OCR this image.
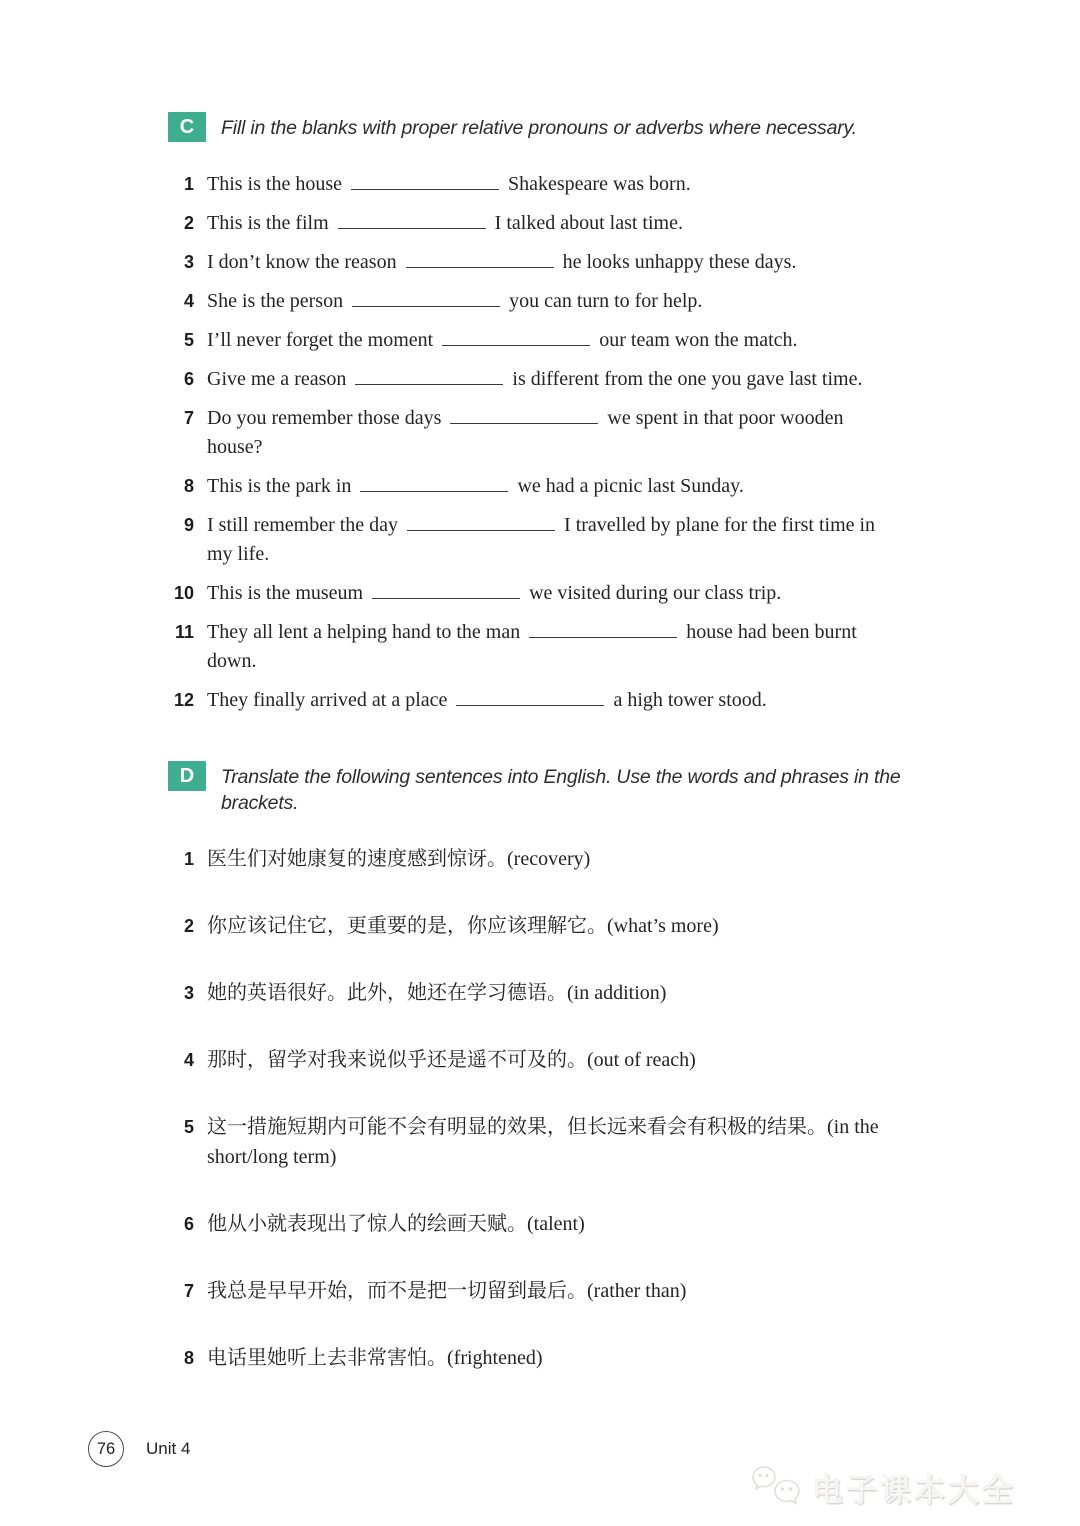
C	Fill in the blanks with proper relative pronouns or adverbs where necessary.
1 This is the house	Shakespeare was born.
2 This is the film	I talked about last time.
3 I don’t know the reason	he looks unhappy these days.
4 She is the person	you can turn to for help.
5 I’ll never forget the moment	our team won the match.
6 Give me a reason	is different from the one you gave last time.
7 Do you remember those days	we spent in that poor wooden house?
8 This is the park in	we had a picnic last Sunday.
9 I still remember the day	I travelled by plane for the first time in my life.
10 This is the museum	we visited during our class trip.
11 They all lent a helping hand to the man	house had been burnt down.
12 They finally arrived at a place	a high tower stood.
D	Translate the following sentences into English. Use the words and phrases in the brackets.
1 医生们对她康复的速度感到惊讶。(recovery)
2 你应该记住它，更重要的是，你应该理解它。(what’s more)
3 她的英语很好。此外，她还在学习德语。(in addition)
4 那时，留学对我来说似乎还是遥不可及的。(out of reach)
5 这一措施短期内可能不会有明显的效果，但长远来看会有积极的结果。(in the short/long term)
6 他从小就表现出了惊人的绘画天赋。(talent)
7 我总是早早开始，而不是把一切留到最后。(rather than)
8 电话里她听上去非常害怕。(frightened)
76	Unit 4
电子课本大全
